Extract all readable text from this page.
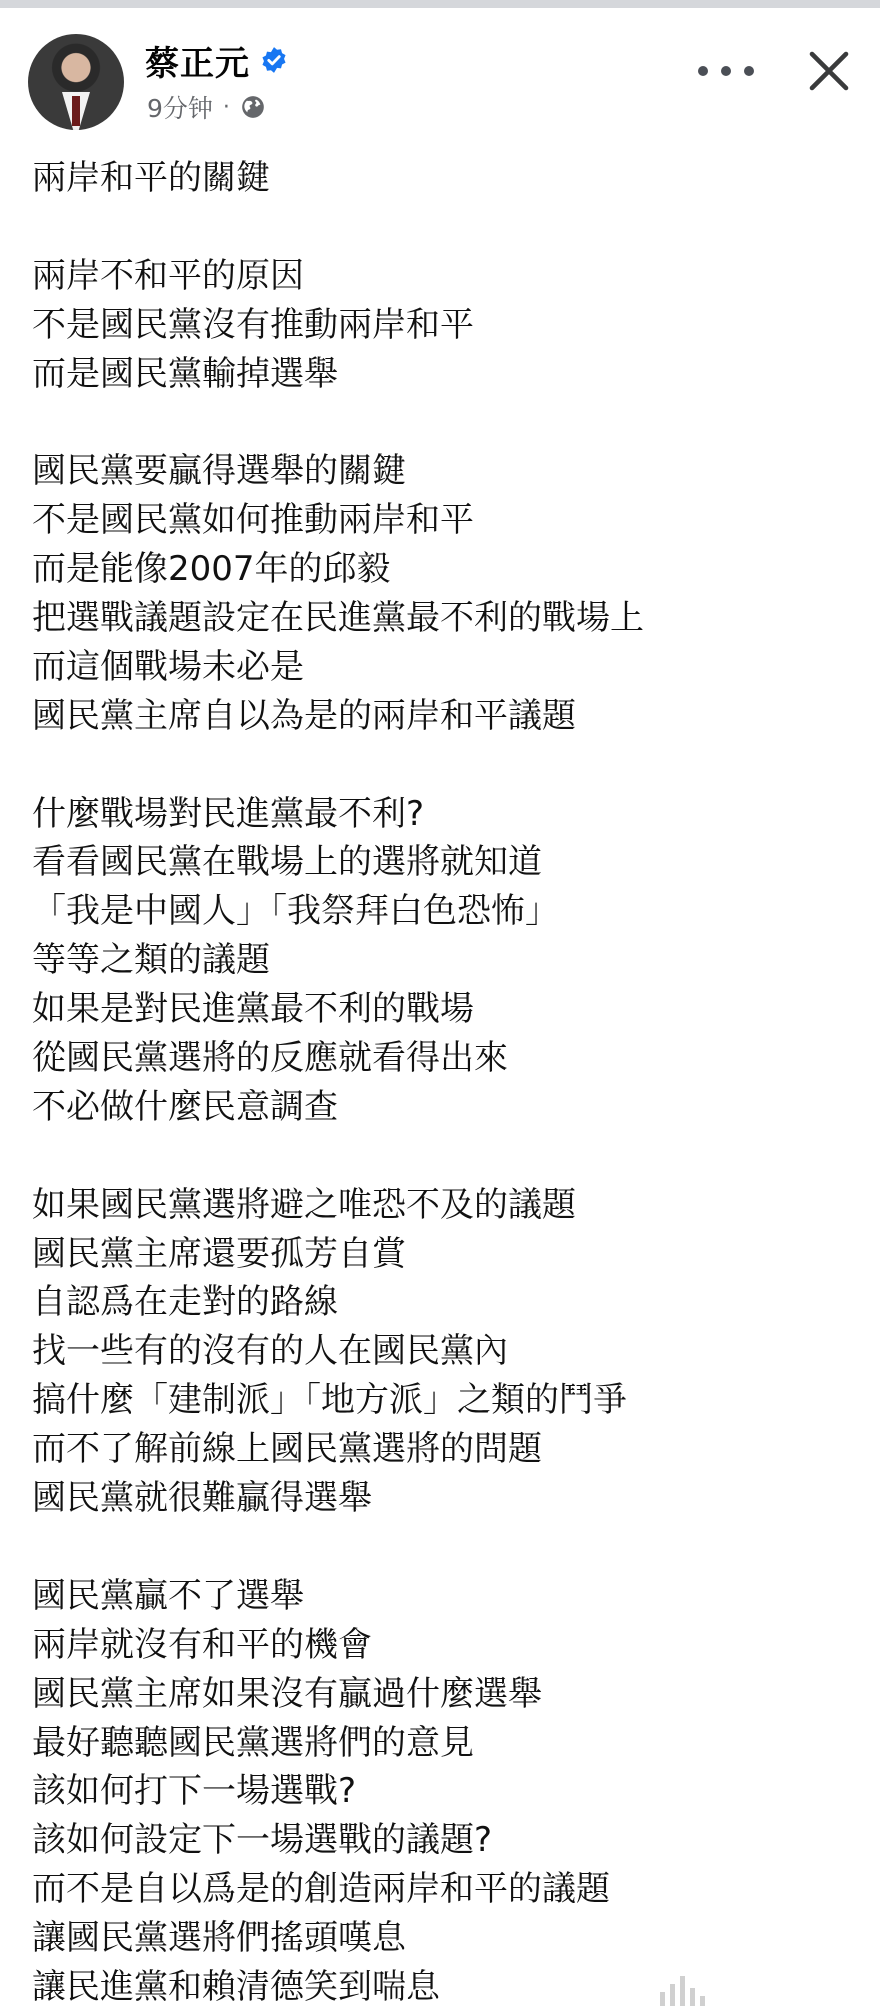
蔡正元
9分钟 ·
兩岸和平的關鍵
兩岸不和平的原因
不是國民黨沒有推動兩岸和平
而是國民黨輸掉選舉
國民黨要贏得選舉的關鍵
不是國民黨如何推動兩岸和平
而是能像2007年的邱毅
把選戰議題設定在民進黨最不利的戰場上
而這個戰場未必是
國民黨主席自以為是的兩岸和平議題
什麼戰場對民進黨最不利?
看看國民黨在戰場上的選將就知道
「我是中國人」「我祭拜白色恐怖」
等等之類的議題
如果是對民進黨最不利的戰場
從國民黨選將的反應就看得出來
不必做什麼民意調查
如果國民黨選將避之唯恐不及的議題
國民黨主席還要孤芳自賞
自認爲在走對的路線
找一些有的沒有的人在國民黨內
搞什麼「建制派」「地方派」之類的鬥爭
而不了解前線上國民黨選將的問題
國民黨就很難贏得選舉
國民黨贏不了選舉
兩岸就沒有和平的機會
國民黨主席如果沒有贏過什麼選舉
最好聽聽國民黨選將們的意見
該如何打下一場選戰?
該如何設定下一場選戰的議題?
而不是自以爲是的創造兩岸和平的議題
讓國民黨選將們搖頭嘆息
讓民進黨和賴清德笑到喘息
